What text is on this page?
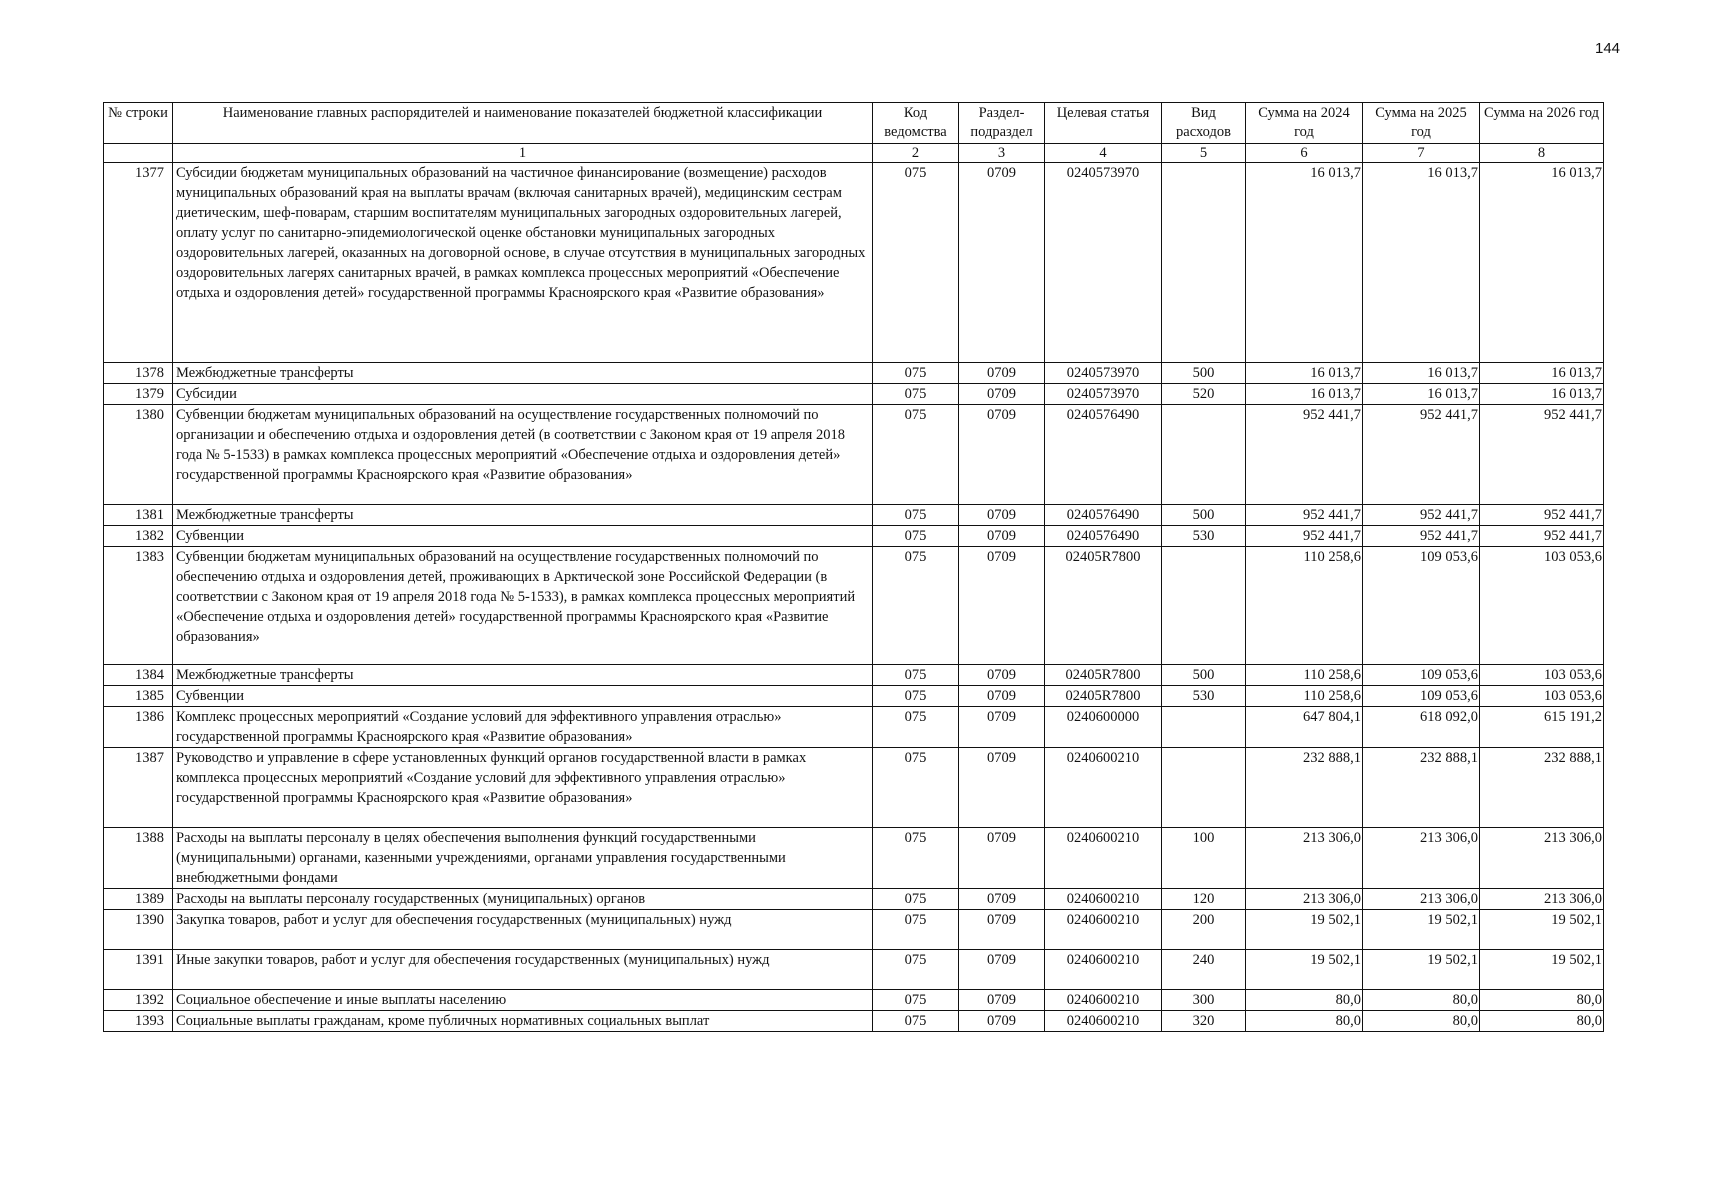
144
№ строки	Наименование главных распорядителей и наименование показателей бюджетной классификации	Код ведомства	Раздел-подраздел	Целевая статья	Вид расходов	Сумма на 2024 год	Сумма на 2025 год	Сумма на 2026 год
	1	2	3	4	5	6	7	8
1377	Субсидии бюджетам муниципальных образований на частичное финансирование (возмещение) расходов муниципальных образований края на выплаты врачам (включая санитарных врачей), медицинским сестрам диетическим, шеф-поварам, старшим воспитателям муниципальных загородных оздоровительных лагерей, оплату услуг по санитарно-эпидемиологической оценке обстановки муниципальных загородных оздоровительных лагерей, оказанных на договорной основе, в случае отсутствия в муниципальных загородных оздоровительных лагерях санитарных врачей, в рамках комплекса процессных мероприятий «Обеспечение отдыха и оздоровления детей» государственной программы Красноярского края «Развитие образования»	075	0709	0240573970		16 013,7	16 013,7	16 013,7
1378	Межбюджетные трансферты	075	0709	0240573970	500	16 013,7	16 013,7	16 013,7
1379	Субсидии	075	0709	0240573970	520	16 013,7	16 013,7	16 013,7
1380	Субвенции бюджетам муниципальных образований на осуществление государственных полномочий по организации и обеспечению отдыха и оздоровления детей (в соответствии с Законом края от 19 апреля 2018 года № 5-1533) в рамках комплекса процессных мероприятий «Обеспечение отдыха и оздоровления детей» государственной программы Красноярского края «Развитие образования»	075	0709	0240576490		952 441,7	952 441,7	952 441,7
1381	Межбюджетные трансферты	075	0709	0240576490	500	952 441,7	952 441,7	952 441,7
1382	Субвенции	075	0709	0240576490	530	952 441,7	952 441,7	952 441,7
1383	Субвенции бюджетам муниципальных образований на осуществление государственных полномочий по обеспечению отдыха и оздоровления детей, проживающих в Арктической зоне Российской Федерации (в соответствии с Законом края от 19 апреля 2018 года № 5-1533), в рамках комплекса процессных мероприятий «Обеспечение отдыха и оздоровления детей» государственной программы Красноярского края «Развитие образования»	075	0709	02405R7800		110 258,6	109 053,6	103 053,6
1384	Межбюджетные трансферты	075	0709	02405R7800	500	110 258,6	109 053,6	103 053,6
1385	Субвенции	075	0709	02405R7800	530	110 258,6	109 053,6	103 053,6
1386	Комплекс процессных мероприятий «Создание условий для эффективного управления отраслью» государственной программы Красноярского края «Развитие образования»	075	0709	0240600000		647 804,1	618 092,0	615 191,2
1387	Руководство и управление в сфере установленных функций органов государственной власти в рамках комплекса процессных мероприятий «Создание условий для эффективного управления отраслью» государственной программы Красноярского края «Развитие образования»	075	0709	0240600210		232 888,1	232 888,1	232 888,1
1388	Расходы на выплаты персоналу в целях обеспечения выполнения функций государственными (муниципальными) органами, казенными учреждениями, органами управления государственными внебюджетными фондами	075	0709	0240600210	100	213 306,0	213 306,0	213 306,0
1389	Расходы на выплаты персоналу государственных (муниципальных) органов	075	0709	0240600210	120	213 306,0	213 306,0	213 306,0
1390	Закупка товаров, работ и услуг для обеспечения государственных (муниципальных) нужд	075	0709	0240600210	200	19 502,1	19 502,1	19 502,1
1391	Иные закупки товаров, работ и услуг для обеспечения государственных (муниципальных) нужд	075	0709	0240600210	240	19 502,1	19 502,1	19 502,1
1392	Социальное обеспечение и иные выплаты населению	075	0709	0240600210	300	80,0	80,0	80,0
1393	Социальные выплаты гражданам, кроме публичных нормативных социальных выплат	075	0709	0240600210	320	80,0	80,0	80,0
